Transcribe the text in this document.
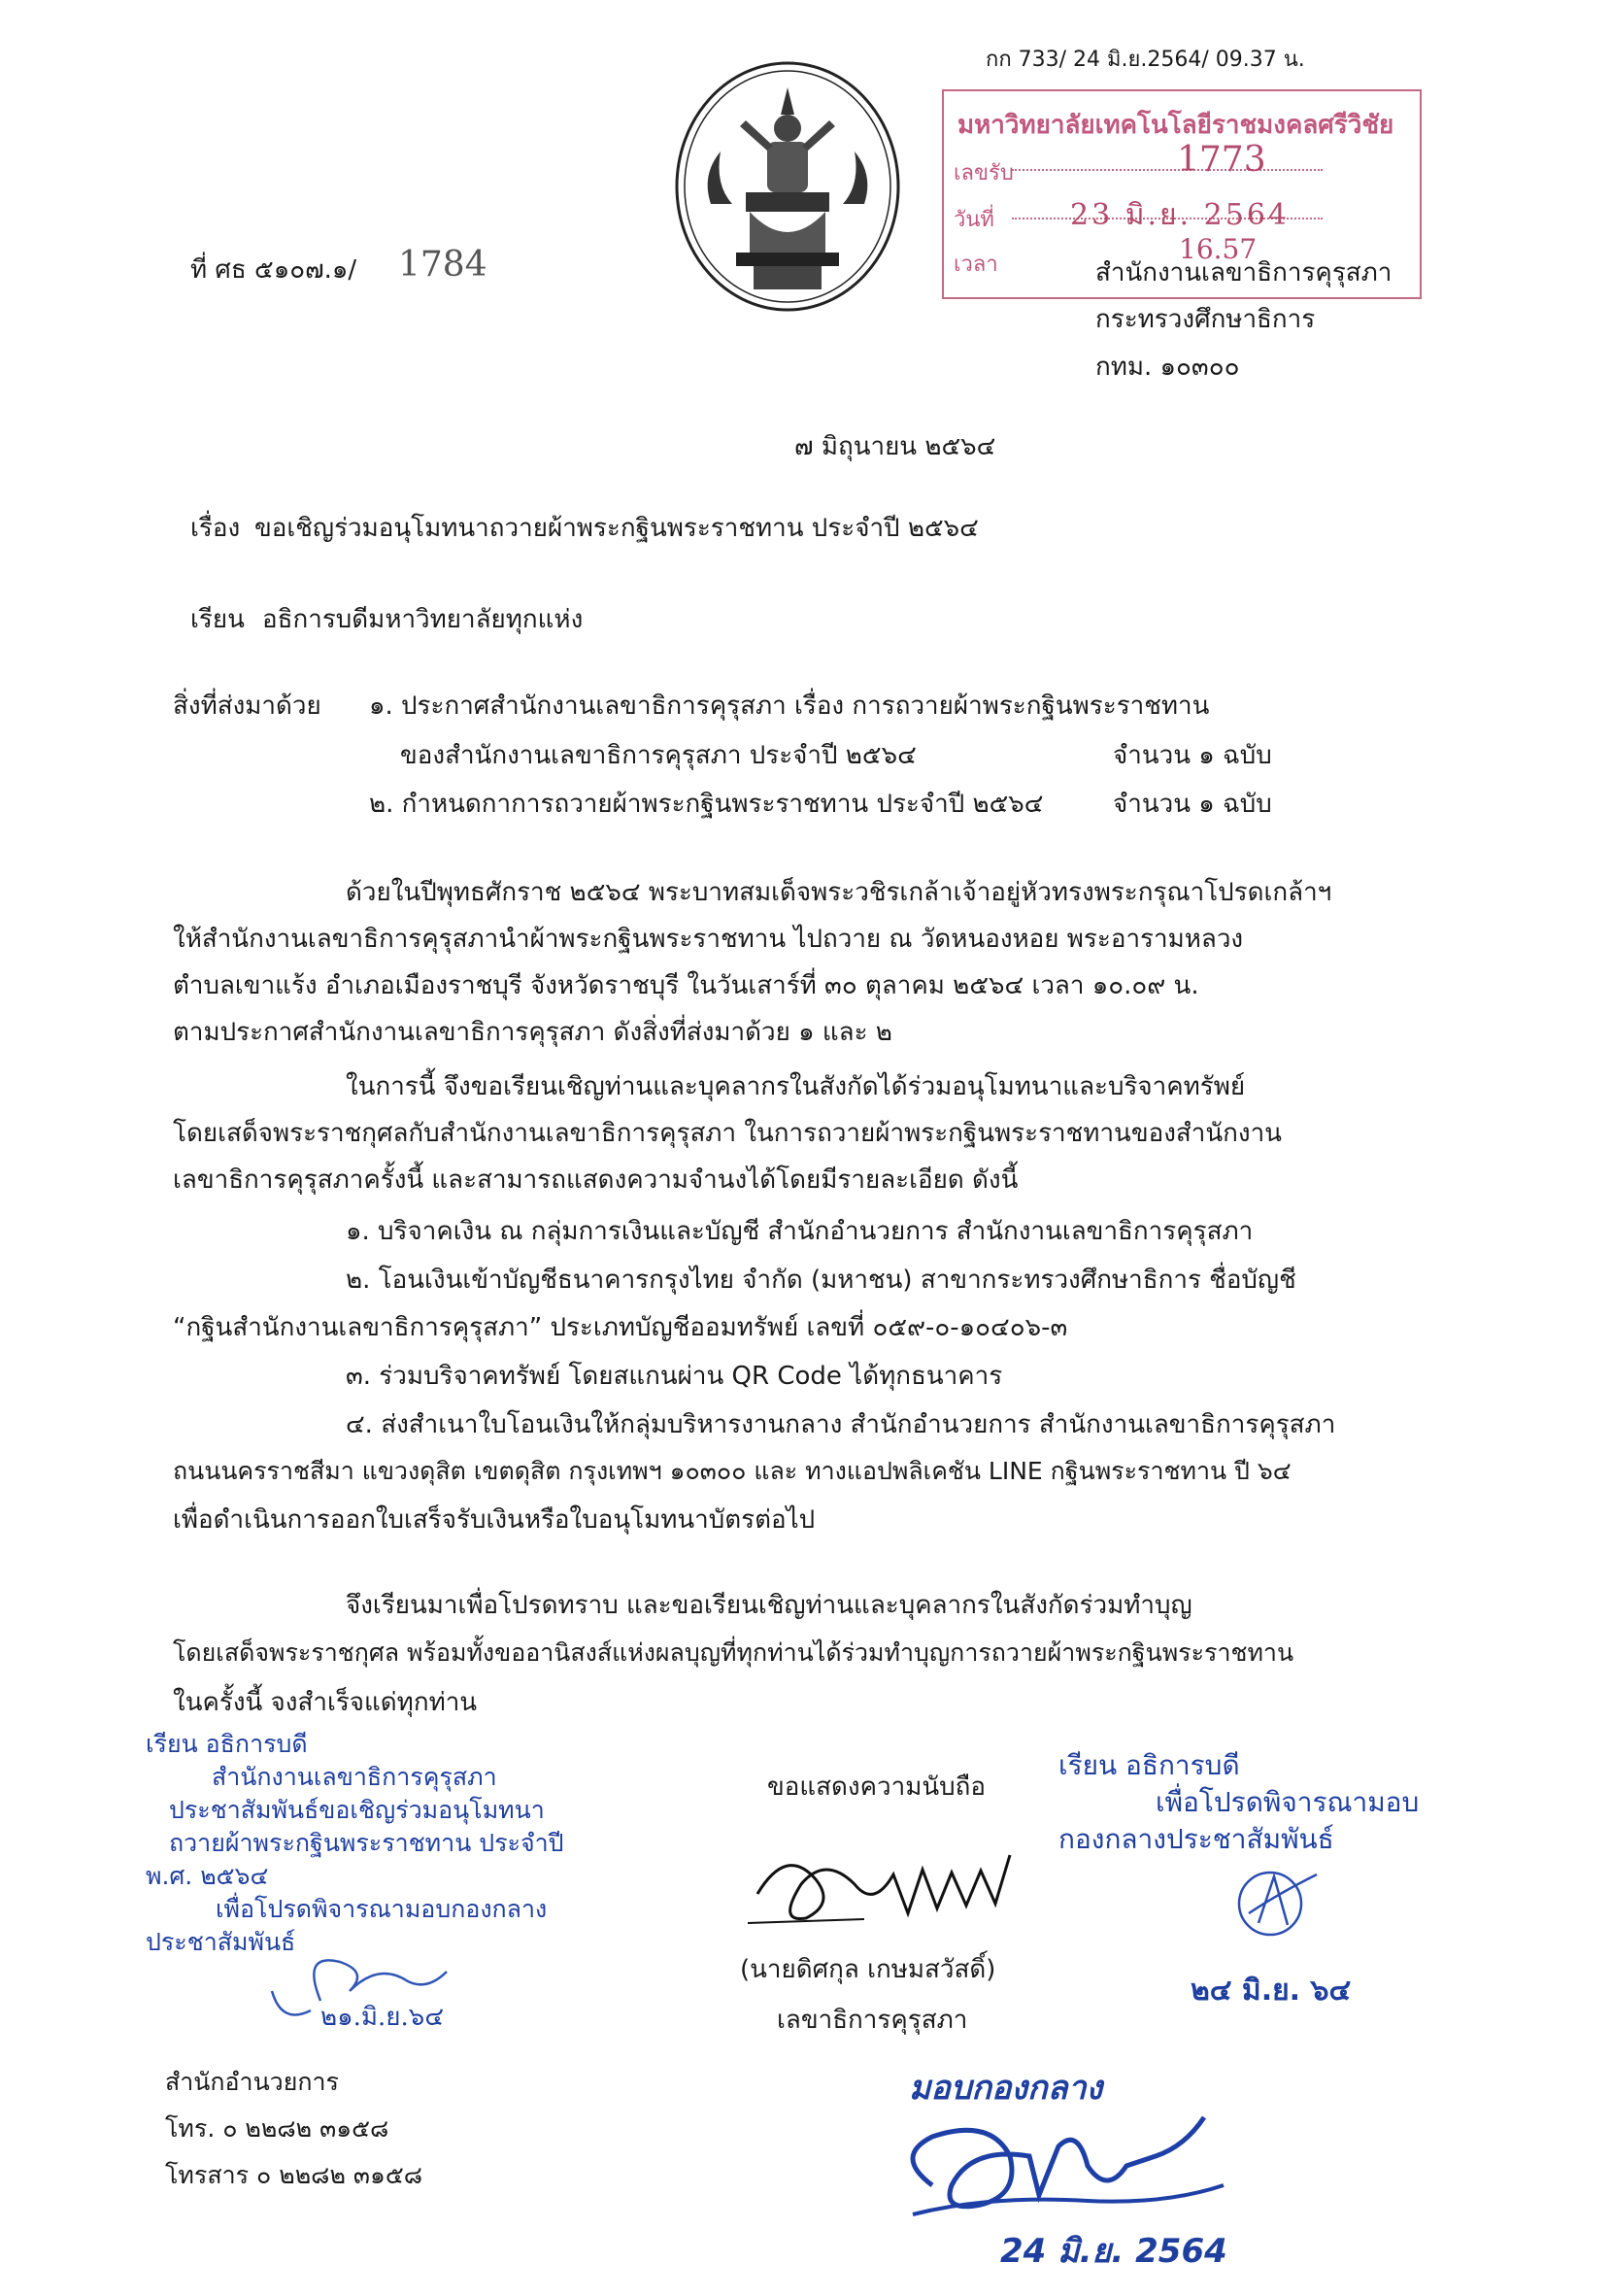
กก 733/ 24 มิ.ย.2564/ 09.37 น.
ที่ ศธ ๕๑๐๗.๑/ 1784
มหาวิทยาลัยเทคโนโลยีราชมงคลศรีวิชัย
เลขรับ	1773
วันที่	23 มิ.ย. 2564
เวลา	16.57
สำนักงานเลขาธิการคุรุสภา
กระทรวงศึกษาธิการ
กทม. ๑๐๓๐๐
๗ มิถุนายน ๒๕๖๔
เรื่อง ขอเชิญร่วมอนุโมทนาถวายผ้าพระกฐินพระราชทาน ประจำปี ๒๕๖๔
เรียน อธิการบดีมหาวิทยาลัยทุกแห่ง
สิ่งที่ส่งมาด้วย ๑. ประกาศสำนักงานเลขาธิการคุรุสภา เรื่อง การถวายผ้าพระกฐินพระราชทาน
ของสำนักงานเลขาธิการคุรุสภา ประจำปี ๒๕๖๔	จำนวน ๑ ฉบับ
๒. กำหนดกาการถวายผ้าพระกฐินพระราชทาน ประจำปี ๒๕๖๔	จำนวน ๑ ฉบับ
ด้วยในปีพุทธศักราช ๒๕๖๔ พระบาทสมเด็จพระวชิรเกล้าเจ้าอยู่หัวทรงพระกรุณาโปรดเกล้าฯ
ให้สำนักงานเลขาธิการคุรุสภานำผ้าพระกฐินพระราชทาน ไปถวาย ณ วัดหนองหอย พระอารามหลวง
ตำบลเขาแร้ง อำเภอเมืองราชบุรี จังหวัดราชบุรี ในวันเสาร์ที่ ๓๐ ตุลาคม ๒๕๖๔ เวลา ๑๐.๐๙ น.
ตามประกาศสำนักงานเลขาธิการคุรุสภา ดังสิ่งที่ส่งมาด้วย ๑ และ ๒
ในการนี้ จึงขอเรียนเชิญท่านและบุคลากรในสังกัดได้ร่วมอนุโมทนาและบริจาคทรัพย์
โดยเสด็จพระราชกุศลกับสำนักงานเลขาธิการคุรุสภา ในการถวายผ้าพระกฐินพระราชทานของสำนักงาน
เลขาธิการคุรุสภาครั้งนี้ และสามารถแสดงความจำนงได้โดยมีรายละเอียด ดังนี้
๑. บริจาคเงิน ณ กลุ่มการเงินและบัญชี สำนักอำนวยการ สำนักงานเลขาธิการคุรุสภา
๒. โอนเงินเข้าบัญชีธนาคารกรุงไทย จำกัด (มหาชน) สาขากระทรวงศึกษาธิการ ชื่อบัญชี
“กฐินสำนักงานเลขาธิการคุรุสภา” ประเภทบัญชีออมทรัพย์ เลขที่ ๐๕๙-๐-๑๐๔๐๖-๓
๓. ร่วมบริจาคทรัพย์ โดยสแกนผ่าน QR Code ได้ทุกธนาคาร
๔. ส่งสำเนาใบโอนเงินให้กลุ่มบริหารงานกลาง สำนักอำนวยการ สำนักงานเลขาธิการคุรุสภา
ถนนนครราชสีมา แขวงดุสิต เขตดุสิต กรุงเทพฯ ๑๐๓๐๐ และ ทางแอปพลิเคชัน LINE กฐินพระราชทาน ปี ๖๔
เพื่อดำเนินการออกใบเสร็จรับเงินหรือใบอนุโมทนาบัตรต่อไป
จึงเรียนมาเพื่อโปรดทราบ และขอเรียนเชิญท่านและบุคลากรในสังกัดร่วมทำบุญ
โดยเสด็จพระราชกุศล พร้อมทั้งขออานิสงส์แห่งผลบุญที่ทุกท่านได้ร่วมทำบุญการถวายผ้าพระกฐินพระราชทาน
ในครั้งนี้ จงสำเร็จแด่ทุกท่าน
ขอแสดงความนับถือ
(นายดิศกุล เกษมสวัสดิ์)
เลขาธิการคุรุสภา
เรียน อธิการบดี
สำนักงานเลขาธิการคุรุสภา
ประชาสัมพันธ์ขอเชิญร่วมอนุโมทนา
ถวายผ้าพระกฐินพระราชทาน ประจำปี
พ.ศ. ๒๕๖๔
เพื่อโปรดพิจารณามอบกองกลาง
ประชาสัมพันธ์
๒๑.มิ.ย.๖๔
เรียน อธิการบดี
เพื่อโปรดพิจารณามอบ
กองกลางประชาสัมพันธ์
๒๔ มิ.ย. ๖๔
มอบกองกลาง
24 มิ.ย. 2564
สำนักอำนวยการ
โทร. ๐ ๒๒๘๒ ๓๑๕๘
โทรสาร ๐ ๒๒๘๒ ๓๑๕๘
